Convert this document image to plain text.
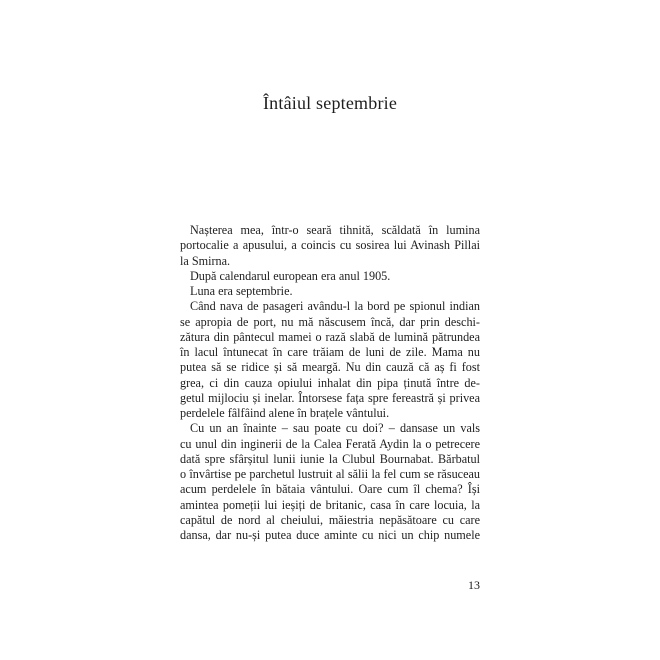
Întâiul septembrie
Nașterea mea, într-o seară tihnită, scăldată în lumina
portocalie a apusului, a coincis cu sosirea lui Avinash Pillai
la Smirna.
După calendarul european era anul 1905.
Luna era septembrie.
Când nava de pasageri avându-l la bord pe spionul indian
se apropia de port, nu mă născusem încă, dar prin deschi-
zătura din pântecul mamei o rază slabă de lumină pătrundea
în lacul întunecat în care trăiam de luni de zile. Mama nu
putea să se ridice și să meargă. Nu din cauză că aș fi fost
grea, ci din cauza opiului inhalat din pipa ținută între de-
getul mijlociu și inelar. Întorsese fața spre fereastră și privea
perdelele fâlfâind alene în brațele vântului.
Cu un an înainte – sau poate cu doi? – dansase un vals
cu unul din inginerii de la Calea Ferată Aydin la o petrecere
dată spre sfârșitul lunii iunie la Clubul Bournabat. Bărbatul
o învârtise pe parchetul lustruit al sălii la fel cum se răsuceau
acum perdelele în bătaia vântului. Oare cum îl chema? Își
amintea pomeții lui ieșiți de britanic, casa în care locuia, la
capătul de nord al cheiului, măiestria nepăsătoare cu care
dansa, dar nu-și putea duce aminte cu nici un chip numele
13
